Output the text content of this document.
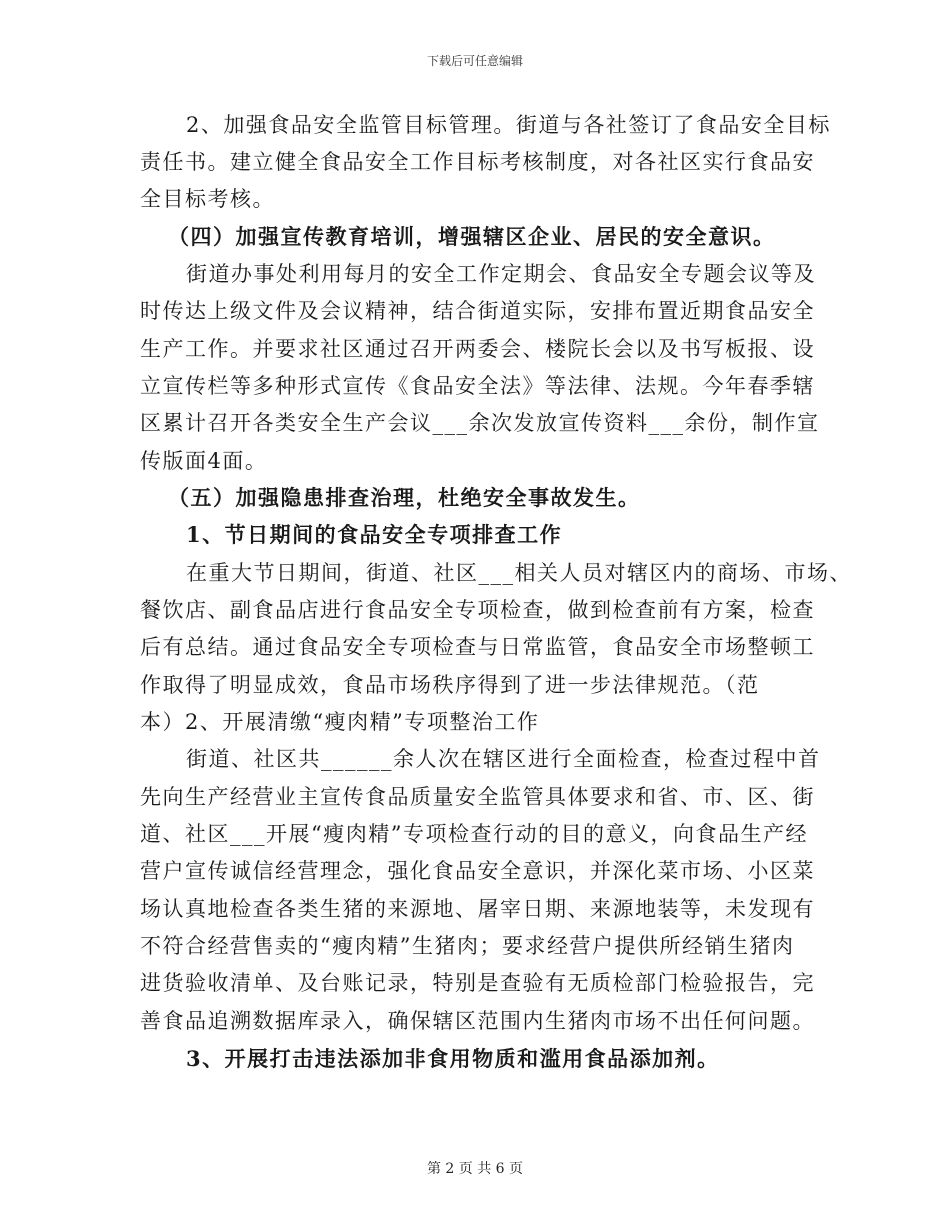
下载后可任意编辑
2、加强食品安全监管目标管理。街道与各社签订了食品安全目标
责任书。建立健全食品安全工作目标考核制度，对各社区实行食品安
全目标考核。
（四）加强宣传教育培训，增强辖区企业、居民的安全意识。
街道办事处利用每月的安全工作定期会、食品安全专题会议等及
时传达上级文件及会议精神，结合街道实际，安排布置近期食品安全
生产工作。并要求社区通过召开两委会、楼院长会以及书写板报、设
立宣传栏等多种形式宣传《食品安全法》等法律、法规。今年春季辖
区累计召开各类安全生产会议___余次发放宣传资料___余份，制作宣
传版面4面。
（五）加强隐患排查治理，杜绝安全事故发生。
1、节日期间的食品安全专项排查工作
在重大节日期间，街道、社区___相关人员对辖区内的商场、市场、
餐饮店、副食品店进行食品安全专项检查，做到检查前有方案，检查
后有总结。通过食品安全专项检查与日常监管，食品安全市场整顿工
作取得了明显成效，食品市场秩序得到了进一步法律规范。（范
本）2、开展清缴“瘦肉精”专项整治工作
街道、社区共______余人次在辖区进行全面检查，检查过程中首
先向生产经营业主宣传食品质量安全监管具体要求和省、市、区、街
道、社区___开展“瘦肉精”专项检查行动的目的意义，向食品生产经
营户宣传诚信经营理念，强化食品安全意识，并深化菜市场、小区菜
场认真地检查各类生猪的来源地、屠宰日期、来源地装等，未发现有
不符合经营售卖的“瘦肉精”生猪肉；要求经营户提供所经销生猪肉
进货验收清单、及台账记录，特别是查验有无质检部门检验报告，完
善食品追溯数据库录入，确保辖区范围内生猪肉市场不出任何问题。
3、开展打击违法添加非食用物质和滥用食品添加剂。
第 2 页 共 6 页
